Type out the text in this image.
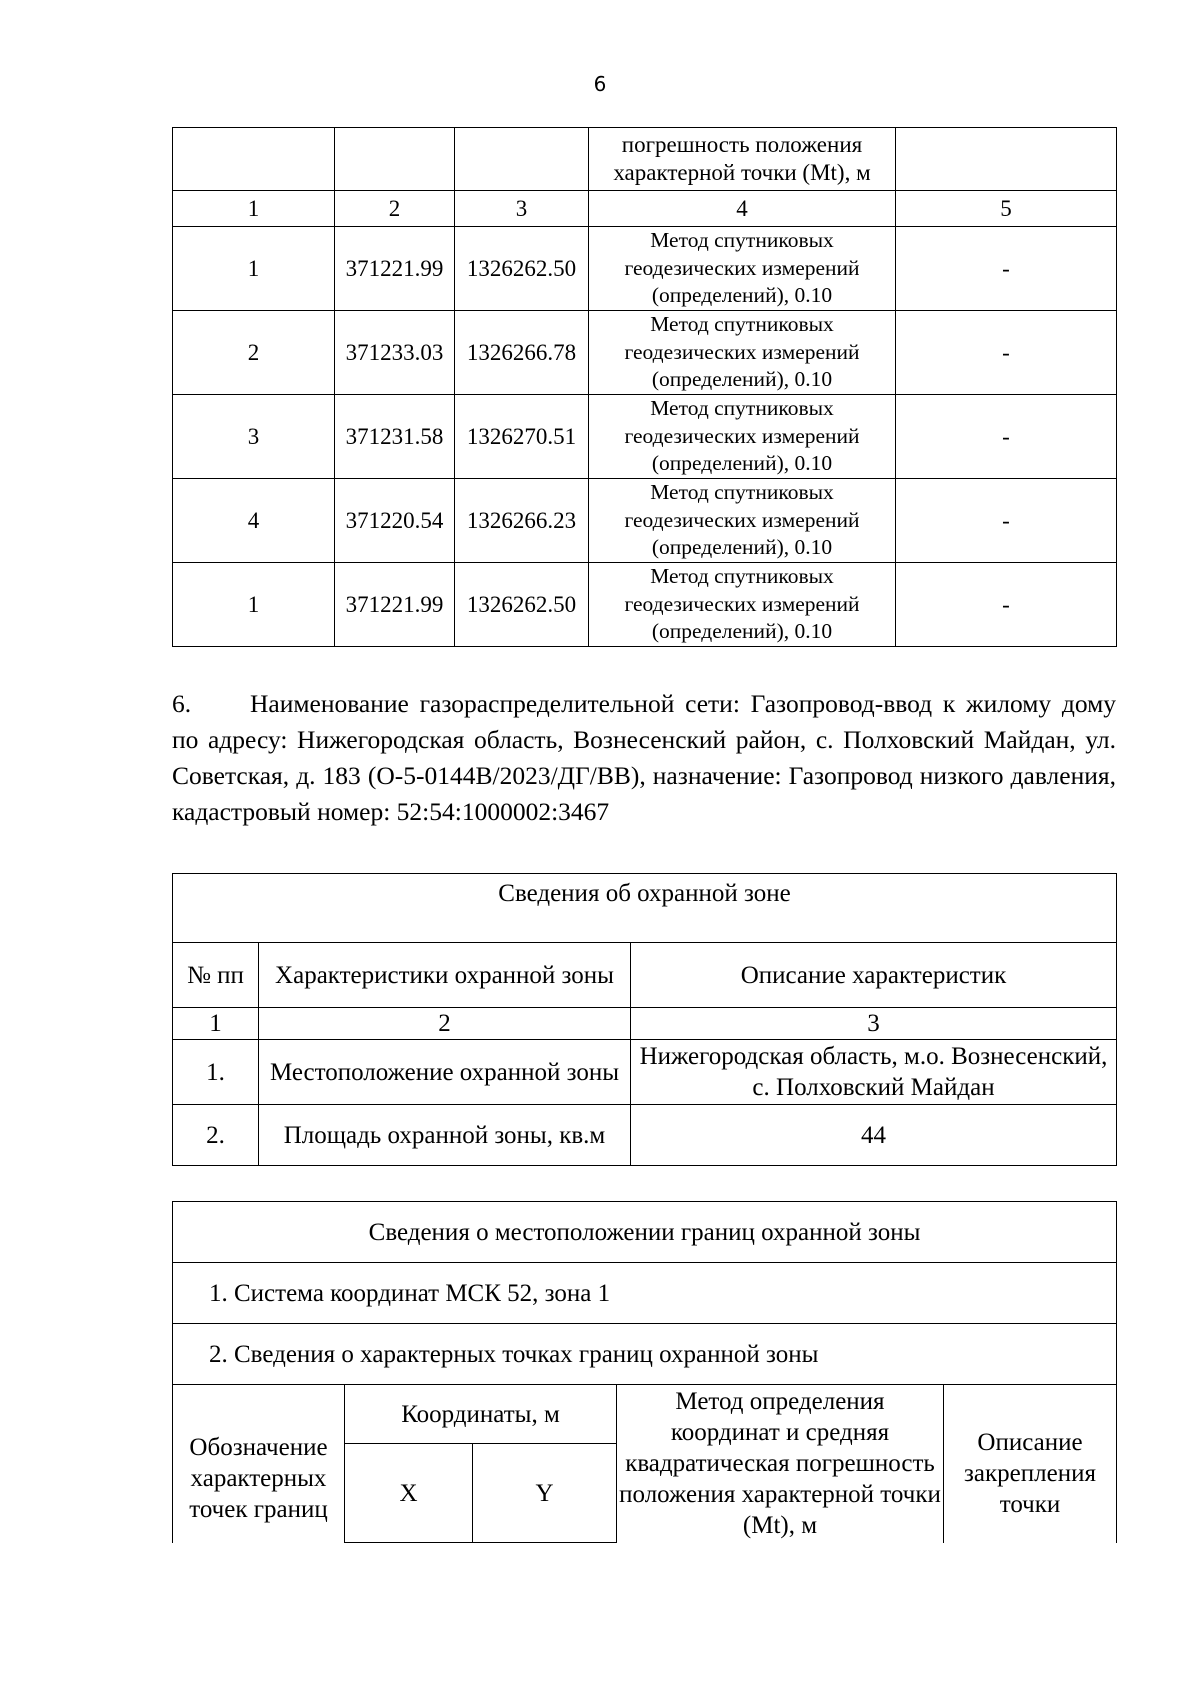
6
			погрешность положения
характерной точки (Mt), м	
1	2	3	4	5
1	371221.99	1326262.50	Метод спутниковых
геодезических измерений
(определений), 0.10	-
2	371233.03	1326266.78	Метод спутниковых
геодезических измерений
(определений), 0.10	-
3	371231.58	1326270.51	Метод спутниковых
геодезических измерений
(определений), 0.10	-
4	371220.54	1326266.23	Метод спутниковых
геодезических измерений
(определений), 0.10	-
1	371221.99	1326262.50	Метод спутниковых
геодезических измерений
(определений), 0.10	-
6. Наименование газораспределительной сети: Газопровод-ввод к жилому дому по адресу: Нижегородская область, Вознесенский район, с. Полховский Майдан, ул. Советская, д. 183 (О-5-0144В/2023/ДГ/ВВ), назначение: Газопровод низкого давления, кадастровый номер: 52:54:1000002:3467
Сведения об охранной зоне		
№ пп	Характеристики охранной зоны	Описание характеристик
1	2	3
1.	Местоположение охранной зоны	Нижегородская область, м.о. Вознесенский, с. Полховский Майдан
2.	Площадь охранной зоны, кв.м	44
Сведения о местоположении границ охранной зоны				
1. Система координат МСК 52, зона 1				
2. Сведения о характерных точках границ охранной зоны				
Обозначение характерных точек границ	Координаты, м		Метод определения координат и средняя квадратическая погрешность положения характерной точки (Mt), м	Описание закрепления точки
	X	Y		
